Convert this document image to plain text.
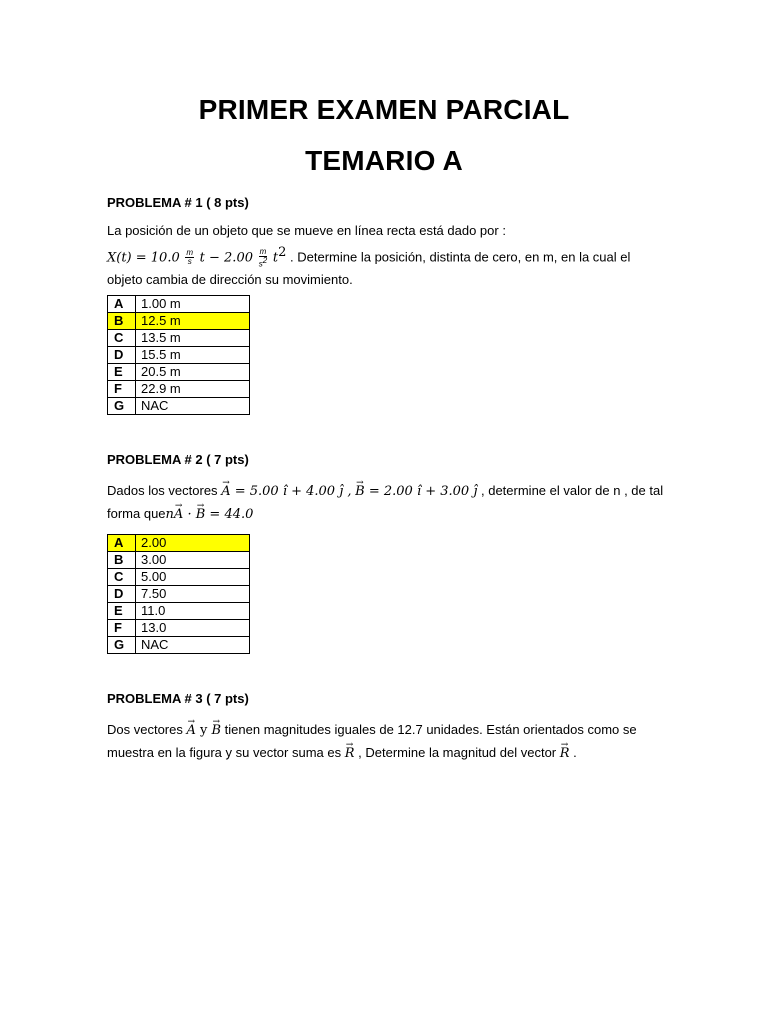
PRIMER EXAMEN PARCIAL
TEMARIO A
PROBLEMA # 1 ( 8 pts)
La posición de un objeto que se mueve en línea recta está dado por :
$X(t) = 10.0 \frac{m}{s}$ $t - 2.00 \frac{m}{s^2} t^2$ . Determine la posición, distinta de cero, en m, en la cual el
objeto cambia de dirección su movimiento.
A	1.00 m
B	12.5 m
C	13.5 m
D	15.5 m
E	20.5 m
F	22.9 m
G	NAC
PROBLEMA # 2 ( 7 pts)
Dados los vectores → A = 5.00 î + 4.00 ĵ , → B = 2.00 î + 3.00 ĵ , determine el valor de n , de tal
forma quen→ A · → B = 44.0
A	2.00
B	3.00
C	5.00
D	7.50
E	11.0
F	13.0
G	NAC
PROBLEMA # 3 ( 7 pts)
Dos vectores → A y → B tienen magnitudes iguales de 12.7 unidades. Están orientados como se
muestra en la figura y su vector suma es → R , Determine la magnitud del vector → R .
